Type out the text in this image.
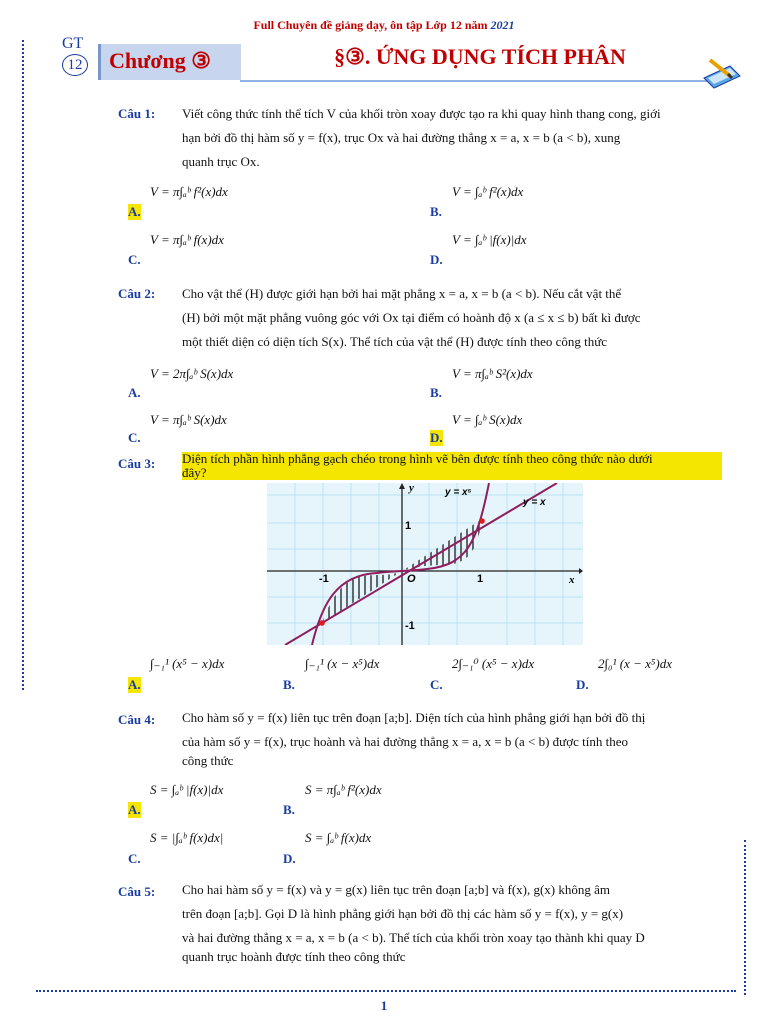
Full Chuyên đề giảng dạy, ôn tập Lớp 12 năm 2021
GT
12 Chương ③	§③. ỨNG DỤNG TÍCH PHÂN
Câu 1: Viết công thức tính thể tích V của khối tròn xoay được tạo ra khi quay hình thang cong, giới
hạn bởi đồ thị hàm số y = f(x), trục Ox và hai đường thẳng x = a, x = b (a < b), xung
quanh trục Ox.
A.
V = π∫ₐᵇ f²(x)dx
B.
V = ∫ₐᵇ f²(x)dx
C.
V = π∫ₐᵇ f(x)dx
D.
V = ∫ₐᵇ |f(x)|dx
Câu 2: Cho vật thể (H) được giới hạn bởi hai mặt phẳng x = a, x = b (a < b). Nếu cắt vật thể
(H) bởi một mặt phẳng vuông góc với Ox tại điểm có hoành độ x (a ≤ x ≤ b) bất kì được
một thiết diện có diện tích S(x). Thể tích của vật thể (H) được tính theo công thức
A.
V = 2π∫ₐᵇ S(x)dx
B.
V = π∫ₐᵇ S²(x)dx
C.
V = π∫ₐᵇ S(x)dx
D.
V = ∫ₐᵇ S(x)dx
Câu 3: Diện tích phần hình phẳng gạch chéo trong hình vẽ bên được tính theo công thức nào dưới
đây?
y = x⁵
y = x
y
x
O	1
-1
1
-1
A.
∫₋₁¹ (x⁵ − x)dx
B.
∫₋₁¹ (x − x⁵)dx
C.
2∫₋₁⁰ (x⁵ − x)dx
D.
2∫₀¹ (x − x⁵)dx
Câu 4: Cho hàm số y = f(x) liên tục trên đoạn [a;b]. Diện tích của hình phẳng giới hạn bởi đồ thị
của hàm số y = f(x), trục hoành và hai đường thẳng x = a, x = b (a < b) được tính theo
công thức
A.
S = ∫ₐᵇ |f(x)|dx
B.
S = π∫ₐᵇ f²(x)dx
C.
S = |∫ₐᵇ f(x)dx|
D.
S = ∫ₐᵇ f(x)dx
Câu 5: Cho hai hàm số y = f(x) và y = g(x) liên tục trên đoạn [a;b] và f(x), g(x) không âm
trên đoạn [a;b]. Gọi D là hình phẳng giới hạn bởi đồ thị các hàm số y = f(x), y = g(x)
và hai đường thẳng x = a, x = b (a < b). Thể tích của khối tròn xoay tạo thành khi quay D
quanh trục hoành được tính theo công thức
1
